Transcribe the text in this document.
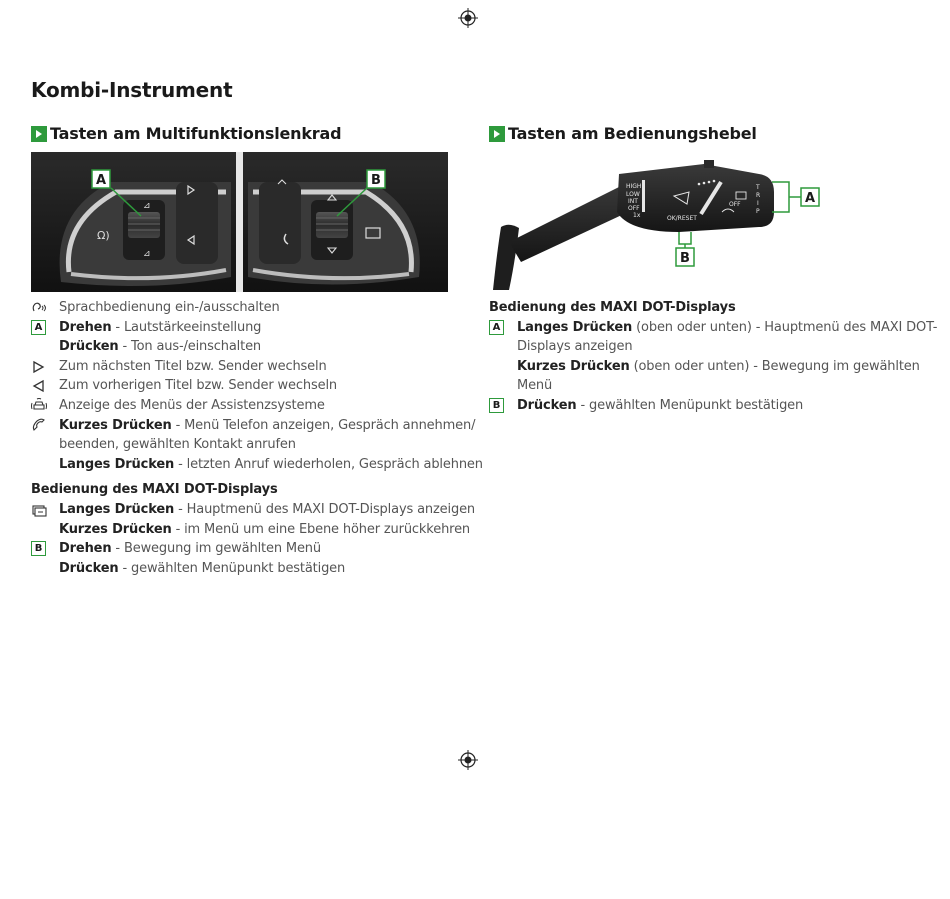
Kombi-Instrument
Tasten am Multifunktionslenkrad
Ω)
⊿
⊿
A	B
Sprachbedienung ein-/ausschalten
A Drehen - Lautstärkeeinstellung
Drücken - Ton aus-/einschalten
Zum nächsten Titel bzw. Sender wechseln
Zum vorherigen Titel bzw. Sender wechseln
Anzeige des Menüs der Assistenzsysteme
Kurzes Drücken - Menü Telefon anzeigen, Gespräch annehmen/
beenden, gewählten Kontakt anrufen
Langes Drücken - letzten Anruf wiederholen, Gespräch ablehnen
Bedienung des MAXI DOT-Displays
Langes Drücken - Hauptmenü des MAXI DOT-Displays anzeigen
Kurzes Drücken - im Menü um eine Ebene höher zurückkehren
B Drehen - Bewegung im gewählten Menü
Drücken - gewählten Menüpunkt bestätigen
Tasten am Bedienungshebel
HIGH
LOW
INT
OFF
1x	OK/RESET
OFF
T
R
I
P
A
B
Bedienung des MAXI DOT-Displays
A Langes Drücken (oben oder unten) - Hauptmenü des MAXI DOT-
Displays anzeigen
Kurzes Drücken (oben oder unten) - Bewegung im gewählten
Menü
B Drücken - gewählten Menüpunkt bestätigen
